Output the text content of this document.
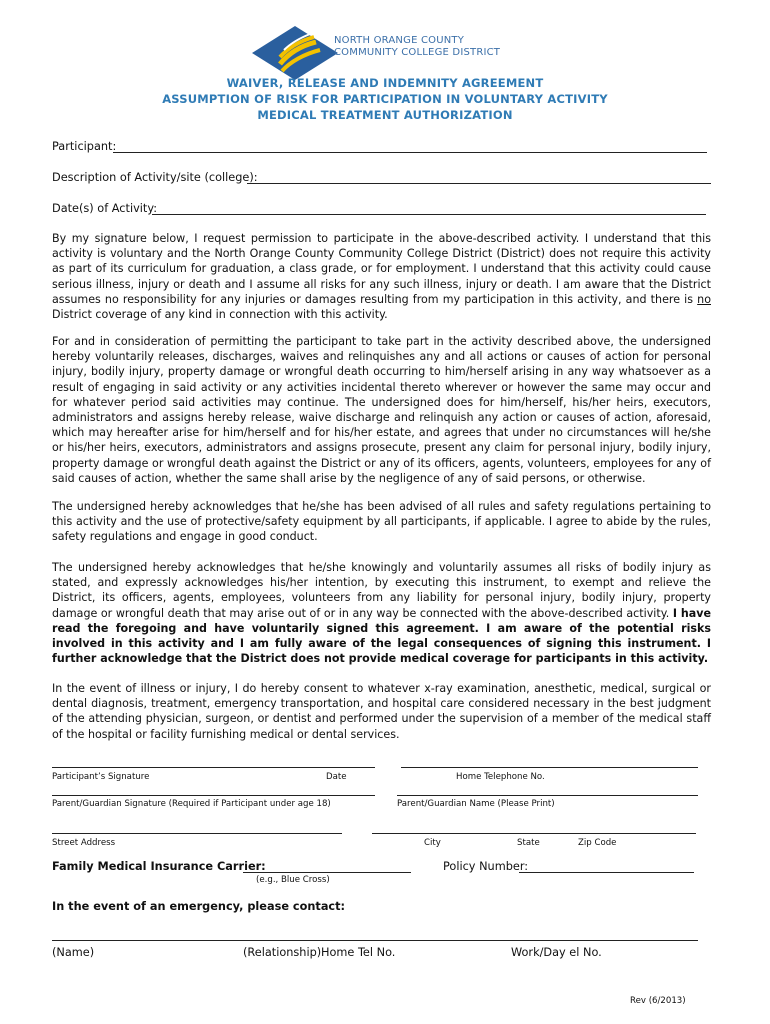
NORTH ORANGE COUNTY
COMMUNITY COLLEGE DISTRICT
WAIVER, RELEASE AND INDEMNITY AGREEMENT
ASSUMPTION OF RISK FOR PARTICIPATION IN VOLUNTARY ACTIVITY
MEDICAL TREATMENT AUTHORIZATION
Participant:
Description of Activity/site (college):
Date(s) of Activity:
By my signature below, I request permission to participate in the above-described activity. I understand that this activity is voluntary and the North Orange County Community College District (District) does not require this activity as part of its curriculum for graduation, a class grade, or for employment. I understand that this activity could cause serious illness, injury or death and I assume all risks for any such illness, injury or death. I am aware that the District assumes no responsibility for any injuries or damages resulting from my participation in this activity, and there is no District coverage of any kind in connection with this activity.
For and in consideration of permitting the participant to take part in the activity described above, the undersigned hereby voluntarily releases, discharges, waives and relinquishes any and all actions or causes of action for personal injury, bodily injury, property damage or wrongful death occurring to him/herself arising in any way whatsoever as a result of engaging in said activity or any activities incidental thereto wherever or however the same may occur and for whatever period said activities may continue. The undersigned does for him/herself, his/her heirs, executors, administrators and assigns hereby release, waive discharge and relinquish any action or causes of action, aforesaid, which may hereafter arise for him/herself and for his/her estate, and agrees that under no circumstances will he/she or his/her heirs, executors, administrators and assigns prosecute, present any claim for personal injury, bodily injury, property damage or wrongful death against the District or any of its officers, agents, volunteers, employees for any of said causes of action, whether the same shall arise by the negligence of any of said persons, or otherwise.
The undersigned hereby acknowledges that he/she has been advised of all rules and safety regulations pertaining to this activity and the use of protective/safety equipment by all participants, if applicable. I agree to abide by the rules, safety regulations and engage in good conduct.
The undersigned hereby acknowledges that he/she knowingly and voluntarily assumes all risks of bodily injury as stated, and expressly acknowledges his/her intention, by executing this instrument, to exempt and relieve the District, its officers, agents, employees, volunteers from any liability for personal injury, bodily injury, property damage or wrongful death that may arise out of or in any way be connected with the above-described activity. I have read the foregoing and have voluntarily signed this agreement. I am aware of the potential risks involved in this activity and I am fully aware of the legal consequences of signing this instrument. I further acknowledge that the District does not provide medical coverage for participants in this activity.
In the event of illness or injury, I do hereby consent to whatever x-ray examination, anesthetic, medical, surgical or dental diagnosis, treatment, emergency transportation, and hospital care considered necessary in the best judgment of the attending physician, surgeon, or dentist and performed under the supervision of a member of the medical staff of the hospital or facility furnishing medical or dental services.
Participant’s Signature	Date	Home Telephone No.
Parent/Guardian Signature (Required if Participant under age 18)	Parent/Guardian Name (Please Print)
Street Address	City	State	Zip Code
Family Medical Insurance Carrier:
(e.g., Blue Cross)
Policy Number:
In the event of an emergency, please contact:
(Name)	(Relationship) Home Tel No.	Work/Day el No.
Rev (6/2013)
